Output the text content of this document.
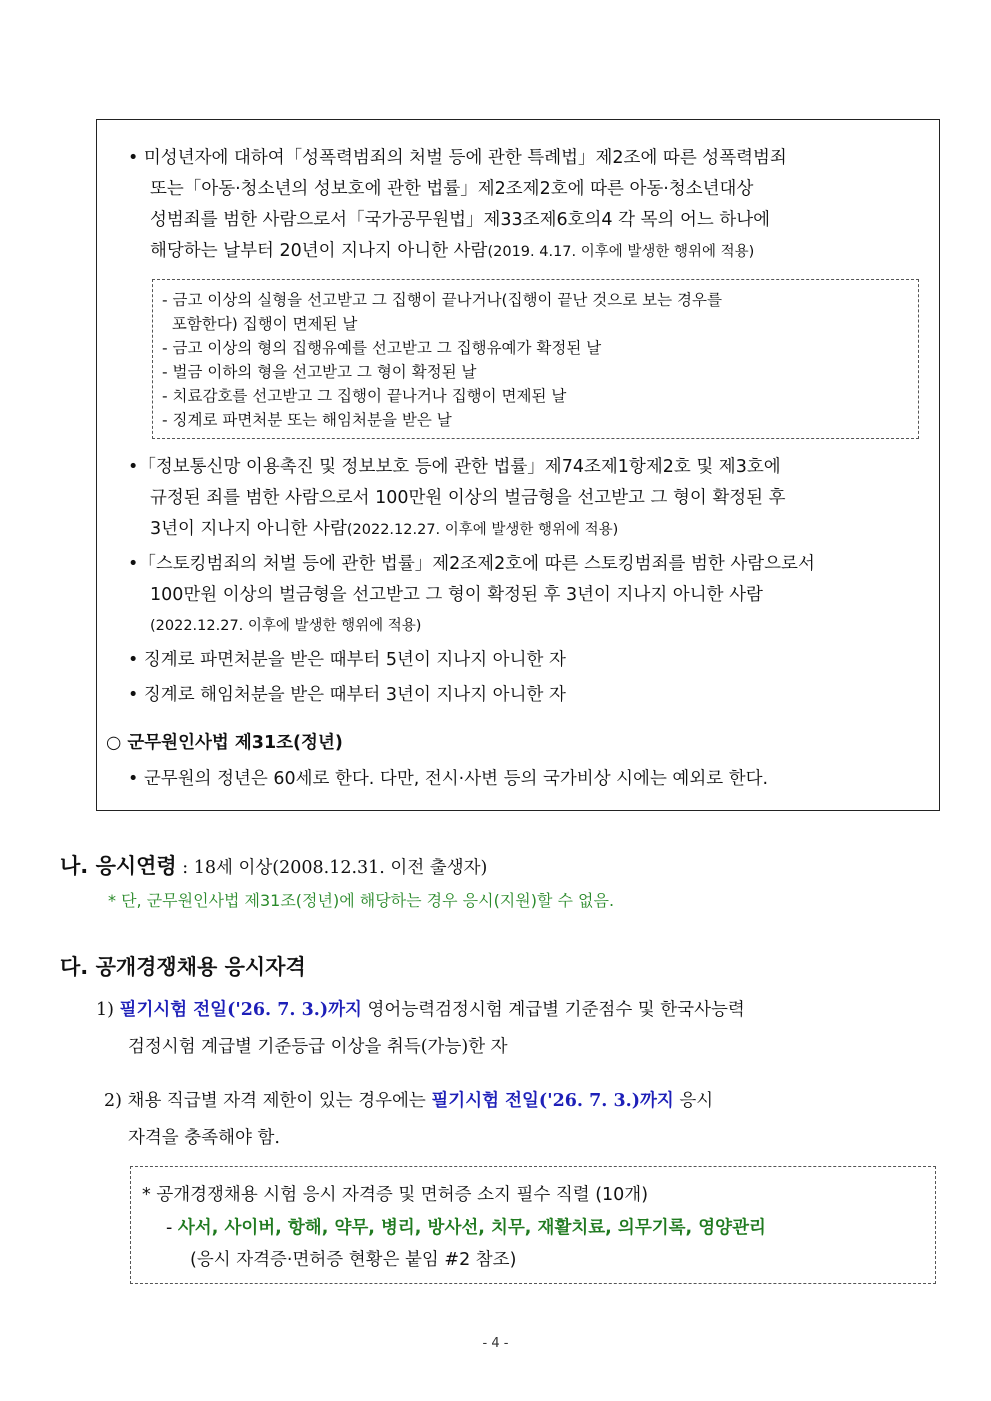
• 미성년자에 대하여「성폭력범죄의 처벌 등에 관한 특례법」제2조에 따른 성폭력범죄
또는「아동·청소년의 성보호에 관한 법률」제2조제2호에 따른 아동·청소년대상
성범죄를 범한 사람으로서「국가공무원법」제33조제6호의4 각 목의 어느 하나에
해당하는 날부터 20년이 지나지 아니한 사람(2019. 4.17. 이후에 발생한 행위에 적용)
- 금고 이상의 실형을 선고받고 그 집행이 끝나거나(집행이 끝난 것으로 보는 경우를
포함한다) 집행이 면제된 날
- 금고 이상의 형의 집행유예를 선고받고 그 집행유예가 확정된 날
- 벌금 이하의 형을 선고받고 그 형이 확정된 날
- 치료감호를 선고받고 그 집행이 끝나거나 집행이 면제된 날
- 징계로 파면처분 또는 해임처분을 받은 날
•「정보통신망 이용촉진 및 정보보호 등에 관한 법률」제74조제1항제2호 및 제3호에
규정된 죄를 범한 사람으로서 100만원 이상의 벌금형을 선고받고 그 형이 확정된 후
3년이 지나지 아니한 사람(2022.12.27. 이후에 발생한 행위에 적용)
•「스토킹범죄의 처벌 등에 관한 법률」제2조제2호에 따른 스토킹범죄를 범한 사람으로서
100만원 이상의 벌금형을 선고받고 그 형이 확정된 후 3년이 지나지 아니한 사람
(2022.12.27. 이후에 발생한 행위에 적용)
• 징계로 파면처분을 받은 때부터 5년이 지나지 아니한 자
• 징계로 해임처분을 받은 때부터 3년이 지나지 아니한 자
○ 군무원인사법 제31조(정년)
• 군무원의 정년은 60세로 한다. 다만, 전시·사변 등의 국가비상 시에는 예외로 한다.
나. 응시연령 : 18세 이상(2008.12.31. 이전 출생자)
* 단, 군무원인사법 제31조(정년)에 해당하는 경우 응시(지원)할 수 없음.
다. 공개경쟁채용 응시자격
1) 필기시험 전일('26. 7. 3.)까지 영어능력검정시험 계급별 기준점수 및 한국사능력
검정시험 계급별 기준등급 이상을 취득(가능)한 자
2) 채용 직급별 자격 제한이 있는 경우에는 필기시험 전일('26. 7. 3.)까지 응시
자격을 충족해야 함.
* 공개경쟁채용 시험 응시 자격증 및 면허증 소지 필수 직렬 (10개)
- 사서, 사이버, 항해, 약무, 병리, 방사선, 치무, 재활치료, 의무기록, 영양관리
(응시 자격증·면허증 현황은 붙임 #2 참조)
- 4 -
